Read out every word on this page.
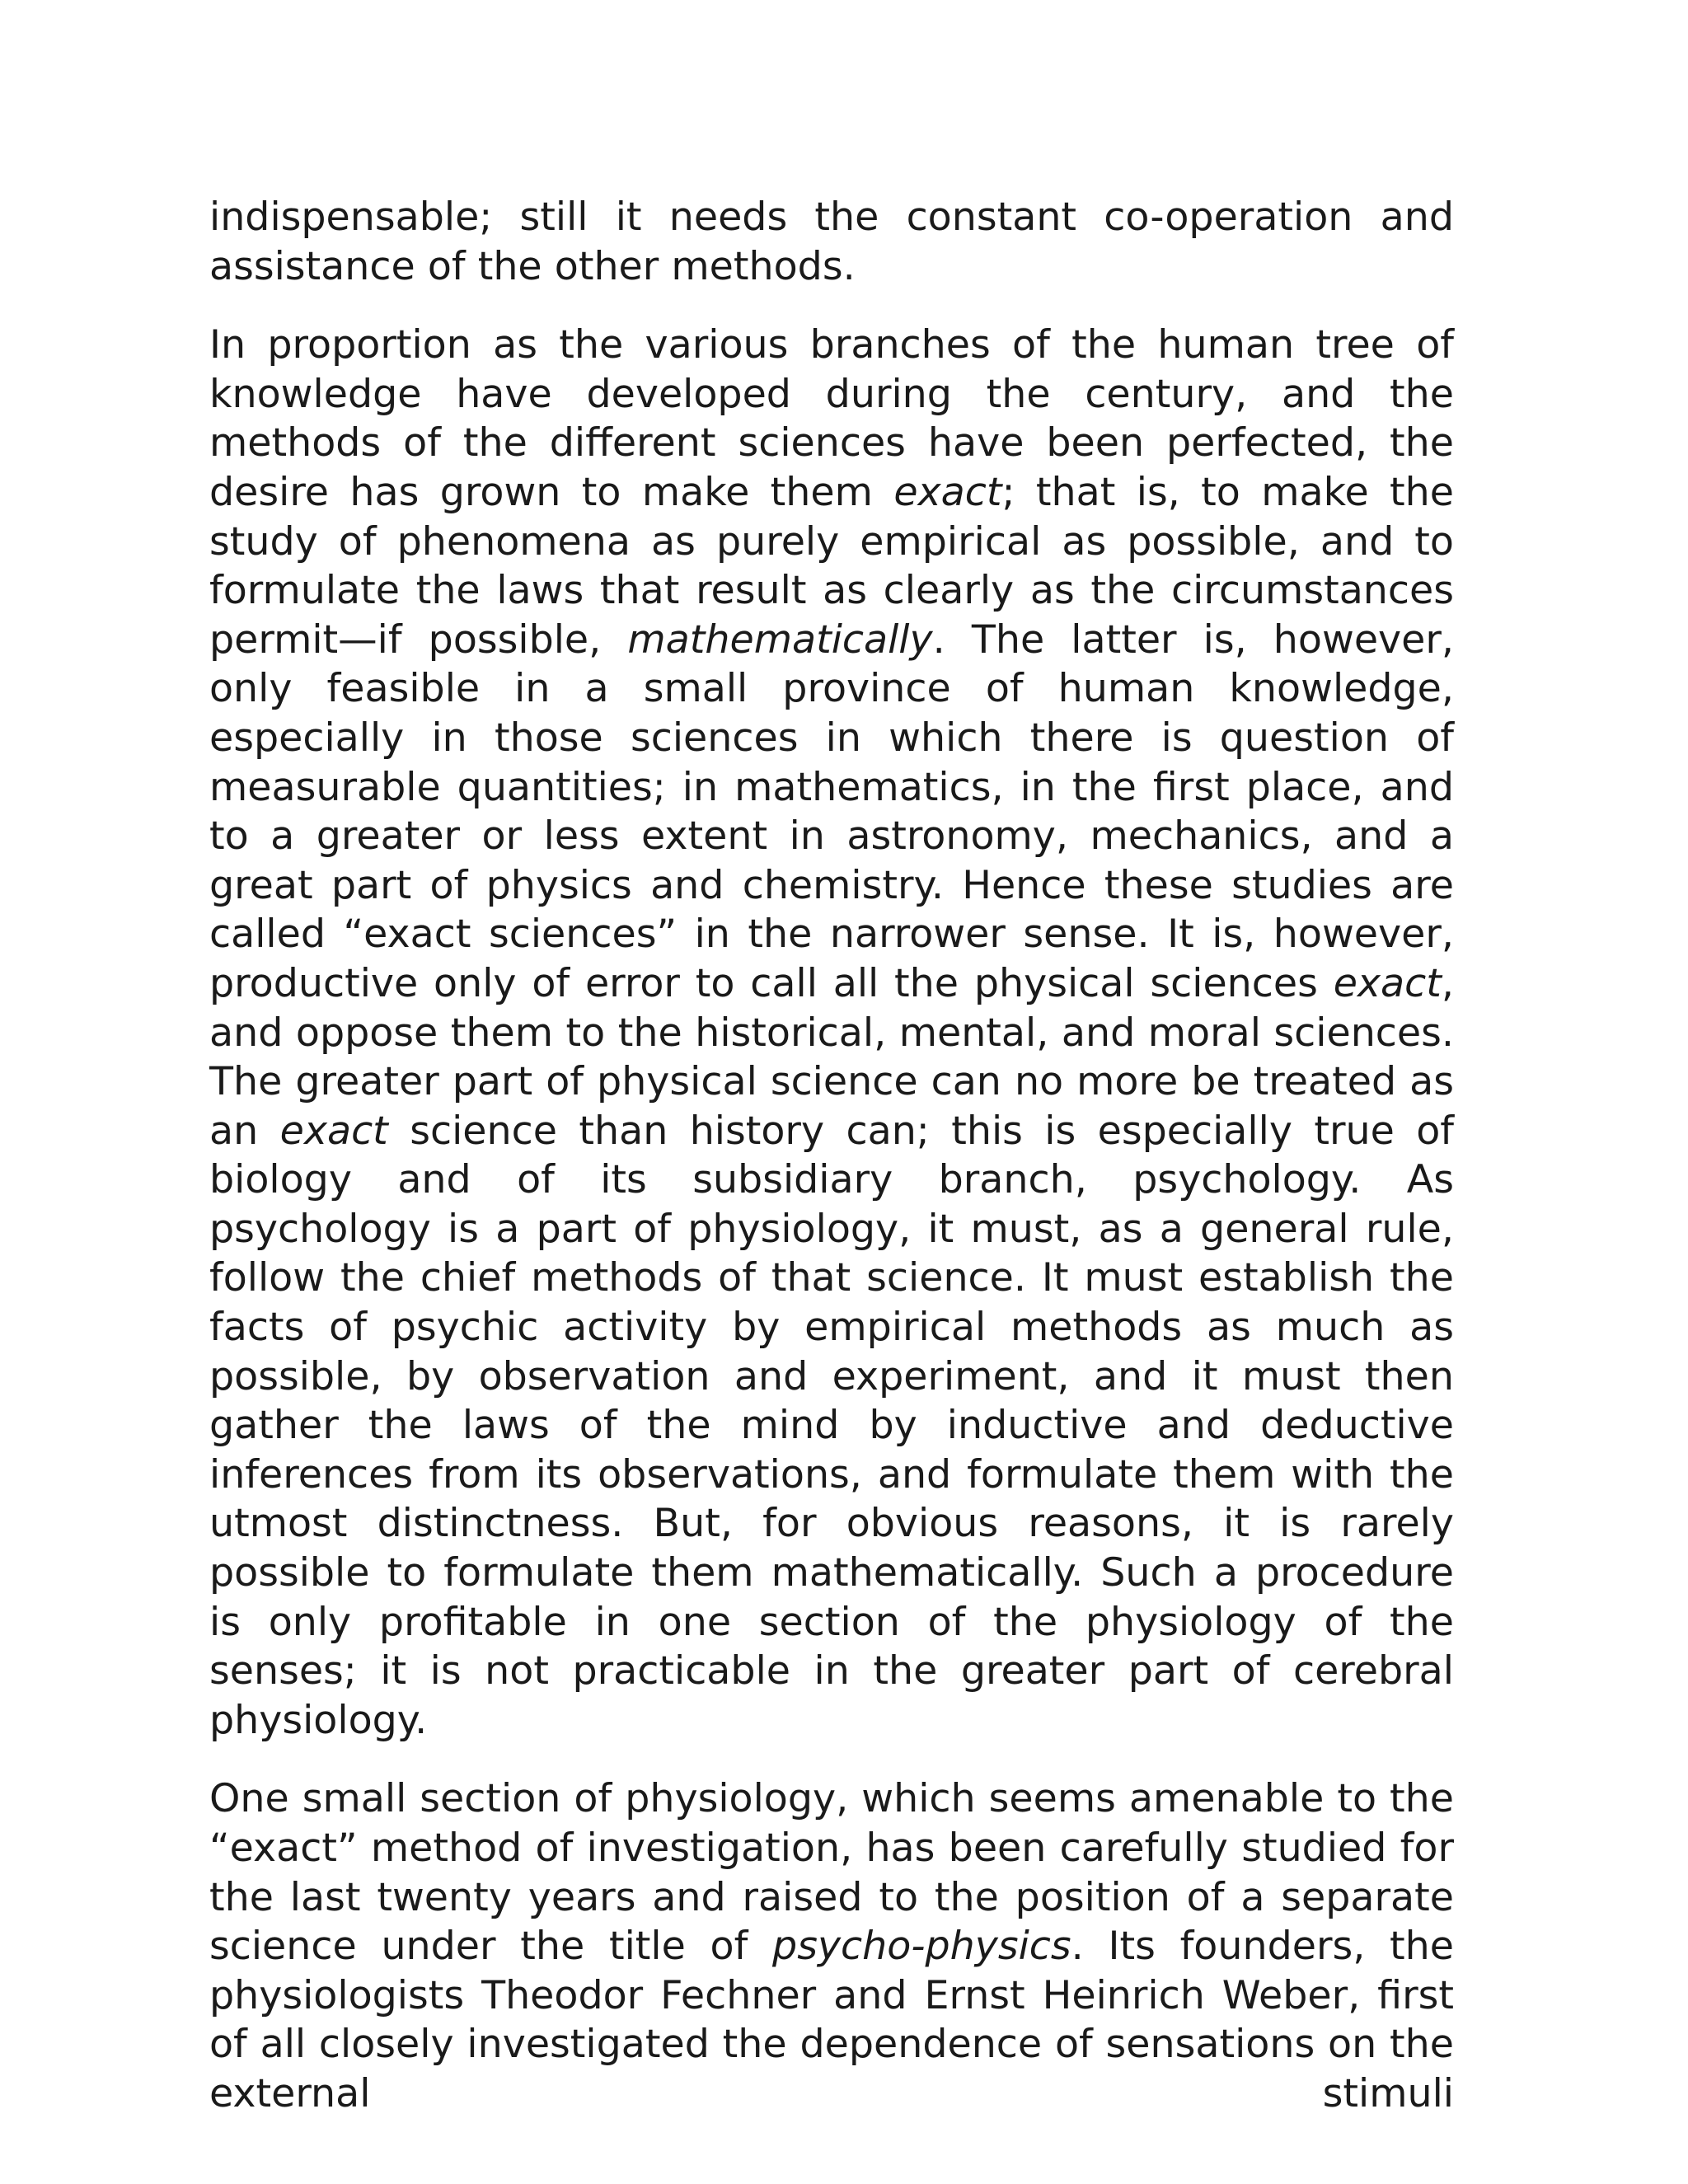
indispensable; still it needs the constant co-operation and assistance of the other methods.

In proportion as the various branches of the human tree of knowledge have developed during the century, and the methods of the different sciences have been perfected, the desire has grown to make them exact; that is, to make the study of phenomena as purely empirical as possible, and to formulate the laws that result as clearly as the circumstances permit—if possible, mathematically. The latter is, however, only feasible in a small province of human knowledge, especially in those sciences in which there is question of measurable quantities; in mathematics, in the first place, and to a greater or less extent in astronomy, mechanics, and a great part of physics and chemistry. Hence these studies are called “exact sciences” in the narrower sense. It is, however, productive only of error to call all the physical sciences exact, and oppose them to the historical, mental, and moral sciences. The greater part of physical science can no more be treated as an exact science than history can; this is especially true of biology and of its subsidiary branch, psychology. As psychology is a part of physiology, it must, as a general rule, follow the chief methods of that science. It must establish the facts of psychic activity by empirical methods as much as possible, by observation and experiment, and it must then gather the laws of the mind by inductive and deductive inferences from its observations, and formulate them with the utmost distinctness. But, for obvious reasons, it is rarely possible to formulate them mathematically. Such a procedure is only profitable in one section of the physiology of the senses; it is not practicable in the greater part of cerebral physiology.

One small section of physiology, which seems amenable to the “exact” method of investigation, has been carefully studied for the last twenty years and raised to the position of a separate science under the title of psycho-physics. Its founders, the physiologists Theodor Fechner and Ernst Heinrich Weber, first of all closely investigated the dependence of sensations on the external stimuli
